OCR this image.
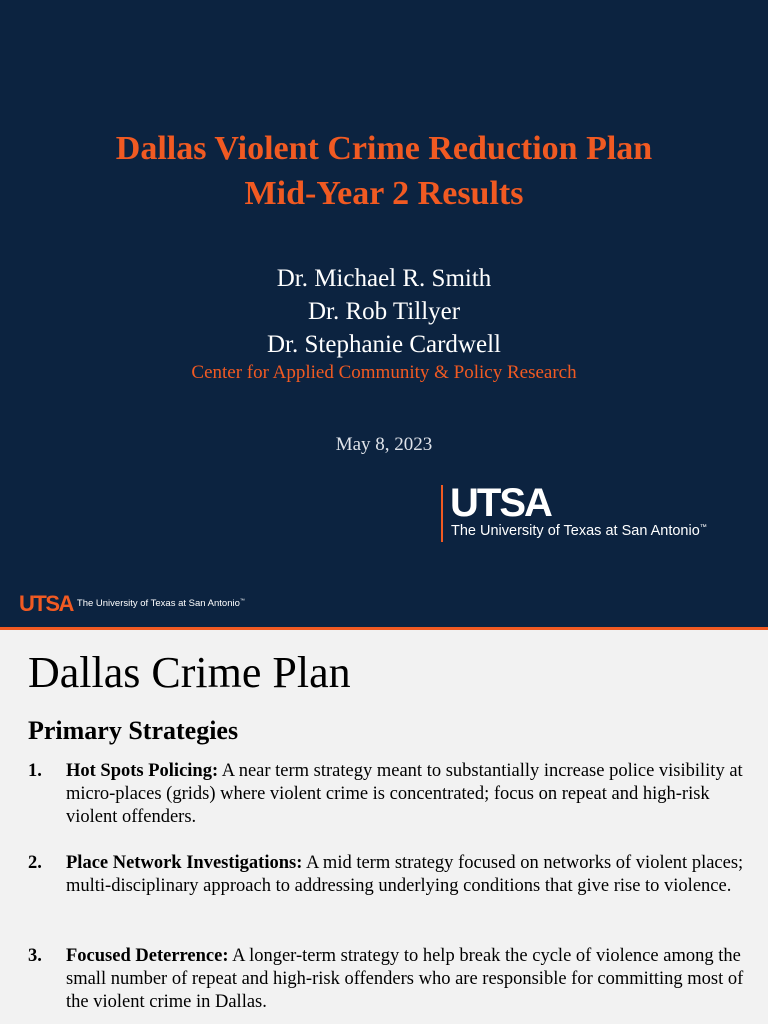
Dallas Violent Crime Reduction Plan
Mid-Year 2 Results
Dr. Michael R. Smith
Dr. Rob Tillyer
Dr. Stephanie Cardwell
Center for Applied Community & Policy Research
May 8, 2023
UTSA
The University of Texas at San Antonio™
UTSA The University of Texas at San Antonio™
Dallas Crime Plan
Primary Strategies
1. Hot Spots Policing: A near term strategy meant to substantially increase police visibility at micro-places (grids) where violent crime is concentrated; focus on repeat and high-risk violent offenders.
2. Place Network Investigations: A mid term strategy focused on networks of violent places; multi-disciplinary approach to addressing underlying conditions that give rise to violence.
3. Focused Deterrence: A longer-term strategy to help break the cycle of violence among the small number of repeat and high-risk offenders who are responsible for committing most of the violent crime in Dallas.
